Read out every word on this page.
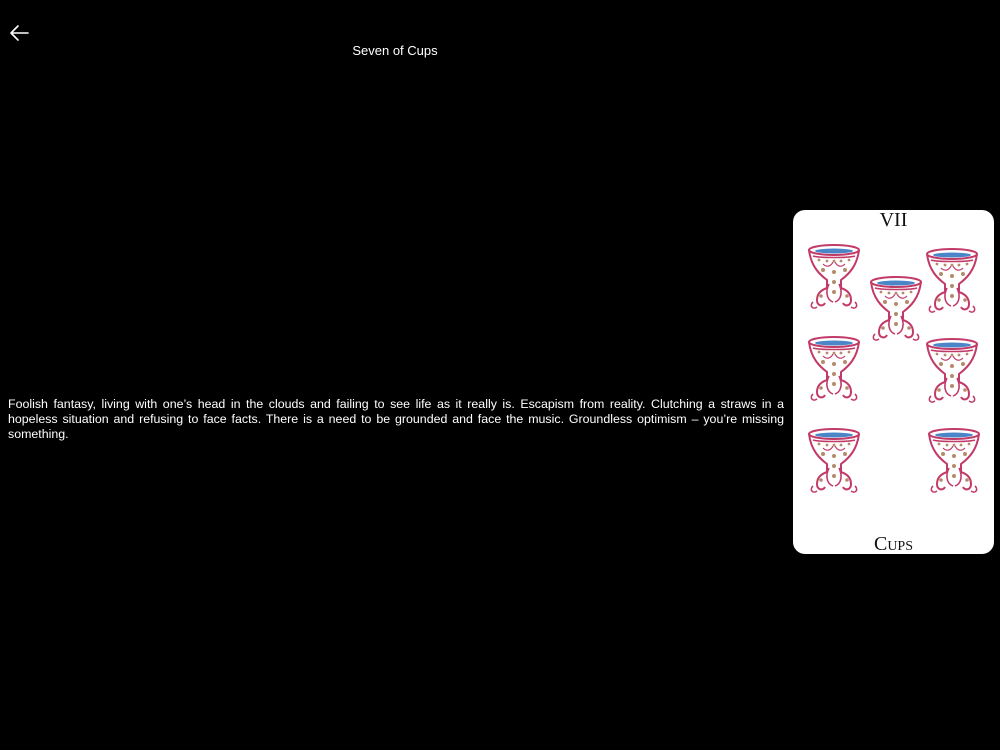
Seven of Cups
Foolish fantasy, living with one’s head in the clouds and failing to see life as it really is. Escapism from reality. Clutching a straws in a hopeless situation and refusing to face facts. There is a need to be grounded and face the music. Groundless optimism – you’re missing something.
VII
Cups
